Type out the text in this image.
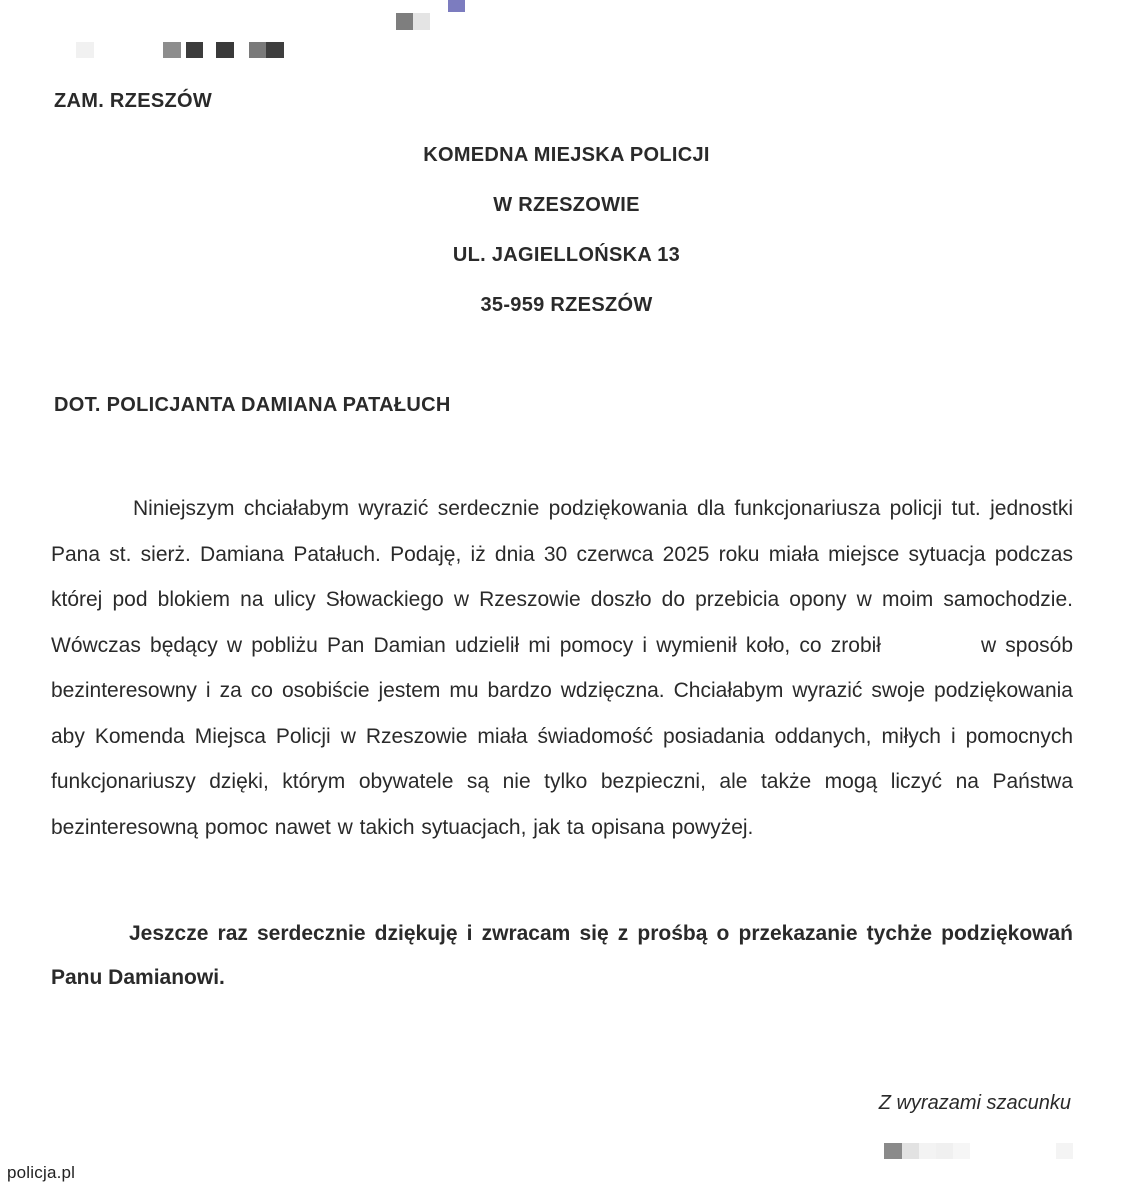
ZAM. RZESZÓW
KOMEDNA MIEJSKA POLICJI
W RZESZOWIE
UL. JAGIELLOŃSKA 13
35-959 RZESZÓW
DOT. POLICJANTA DAMIANA PATAŁUCH
Niniejszym chciałabym wyrazić serdecznie podziękowania dla funkcjonariusza policji tut. jednostki Pana st. sierż. Damiana Patałuch. Podaję, iż dnia 30 czerwca 2025 roku miała miejsce sytuacja podczas której pod blokiem na ulicy Słowackiego w Rzeszowie doszło do przebicia opony w moim samochodzie. Wówczas będący w pobliżu Pan Damian udzielił mi pomocy i wymienił koło, co zrobił	w sposób bezinteresowny i za co osobiście jestem mu bardzo wdzięczna. Chciałabym wyrazić swoje podziękowania aby Komenda Miejsca Policji w Rzeszowie miała świadomość posiadania oddanych, miłych i pomocnych funkcjonariuszy dzięki, którym obywatele są nie tylko bezpieczni, ale także mogą liczyć na Państwa bezinteresowną pomoc nawet w takich sytuacjach, jak ta opisana powyżej.
Jeszcze raz serdecznie dziękuję i zwracam się z prośbą o przekazanie tychże podziękowań Panu Damianowi.
Z wyrazami szacunku
policja.pl
